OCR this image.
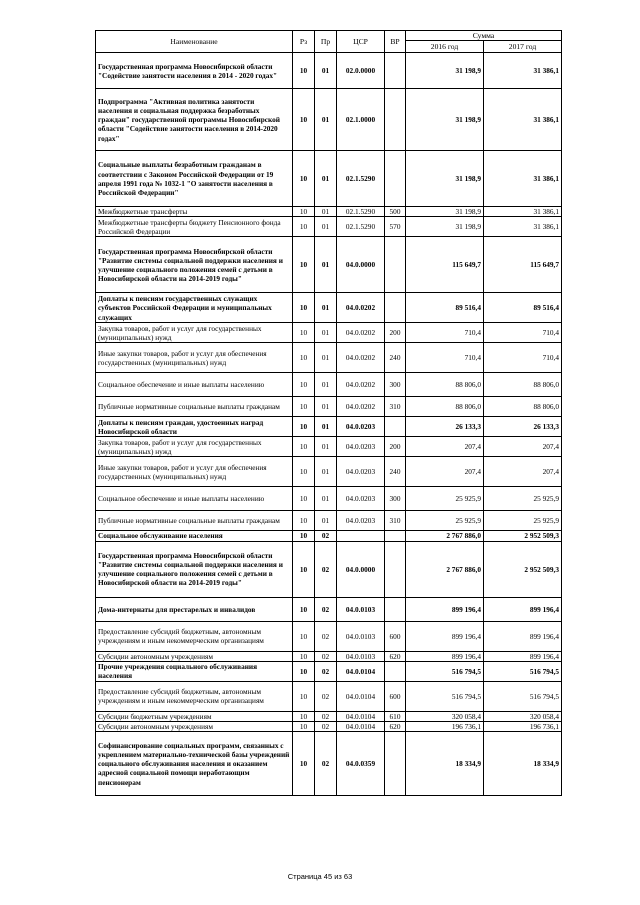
Наименование	Рз	Пр	ЦСР	ВР	Сумма	
					2016 год	2017 год
Государственная программа Новосибирской области "Содействие занятости населения в 2014 - 2020 годах"	10	01	02.0.0000		31 198,9	31 386,1
Подпрограмма "Активная политика занятости населения и социальная поддержка безработных граждан" государственной программы Новосибирской области "Содействие занятости населения в 2014-2020 годах"	10	01	02.1.0000		31 198,9	31 386,1
Социальные выплаты безработным гражданам в соответствии с Законом Российской Федерации от 19 апреля 1991 года № 1032-1 "О занятости населения в Российской Федерации"	10	01	02.1.5290		31 198,9	31 386,1
Межбюджетные трансферты	10	01	02.1.5290	500	31 198,9	31 386,1
Межбюджетные трансферты бюджету Пенсионного фонда Российской Федерации	10	01	02.1.5290	570	31 198,9	31 386,1
Государственная программа Новосибирской области "Развитие системы социальной поддержки населения и улучшение социального положения семей с детьми в Новосибирской области на 2014-2019 годы"	10	01	04.0.0000		115 649,7	115 649,7
Доплаты к пенсиям государственных служащих субъектов Российской Федерации и муниципальных служащих	10	01	04.0.0202		89 516,4	89 516,4
Закупка товаров, работ и услуг для государственных (муниципальных) нужд	10	01	04.0.0202	200	710,4	710,4
Иные закупки товаров, работ и услуг для обеспечения государственных (муниципальных) нужд	10	01	04.0.0202	240	710,4	710,4
Социальное обеспечение и иные выплаты населению	10	01	04.0.0202	300	88 806,0	88 806,0
Публичные нормативные социальные выплаты гражданам	10	01	04.0.0202	310	88 806,0	88 806,0
Доплаты к пенсиям граждан, удостоенных наград Новосибирской области	10	01	04.0.0203		26 133,3	26 133,3
Закупка товаров, работ и услуг для государственных (муниципальных) нужд	10	01	04.0.0203	200	207,4	207,4
Иные закупки товаров, работ и услуг для обеспечения государственных (муниципальных) нужд	10	01	04.0.0203	240	207,4	207,4
Социальное обеспечение и иные выплаты населению	10	01	04.0.0203	300	25 925,9	25 925,9
Публичные нормативные социальные выплаты гражданам	10	01	04.0.0203	310	25 925,9	25 925,9
Социальное обслуживание населения	10	02			2 767 886,0	2 952 509,3
Государственная программа Новосибирской области "Развитие системы социальной поддержки населения и улучшение социального положения семей с детьми в Новосибирской области на 2014-2019 годы"	10	02	04.0.0000		2 767 886,0	2 952 509,3
Дома-интернаты для престарелых и инвалидов	10	02	04.0.0103		899 196,4	899 196,4
Предоставление субсидий бюджетным, автономным учреждениям и иным некоммерческим организациям	10	02	04.0.0103	600	899 196,4	899 196,4
Субсидии автономным учреждениям	10	02	04.0.0103	620	899 196,4	899 196,4
Прочие учреждения социального обслуживания населения	10	02	04.0.0104		516 794,5	516 794,5
Предоставление субсидий бюджетным, автономным учреждениям и иным некоммерческим организациям	10	02	04.0.0104	600	516 794,5	516 794,5
Субсидии бюджетным учреждениям	10	02	04.0.0104	610	320 058,4	320 058,4
Субсидии автономным учреждениям	10	02	04.0.0104	620	196 736,1	196 736,1
Софинансирование социальных программ, связанных с укреплением материально-технической базы учреждений социального обслуживания населения и оказанием адресной социальной помощи неработающим пенсионерам	10	02	04.0.0359		18 334,9	18 334,9
Страница 45 из 63
